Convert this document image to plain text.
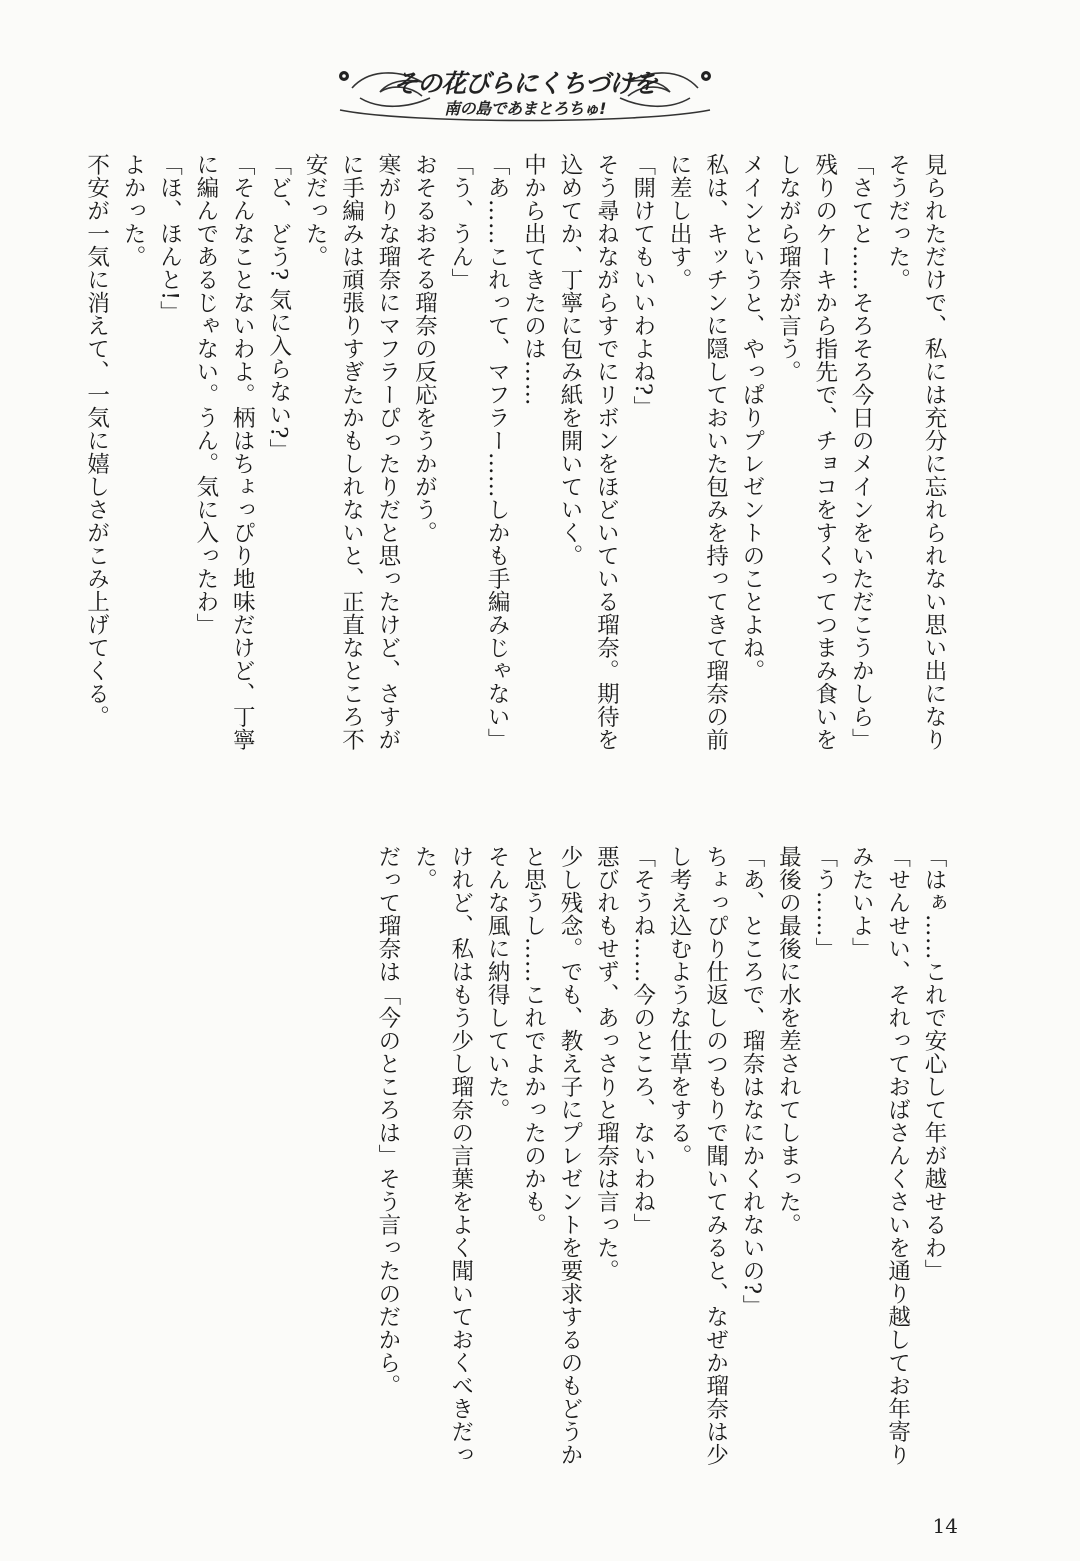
その花びらにくちづけを
南の島であまとろちゅ!

見られただけで、私には充分に忘れられない思い出になりそうだった。

「さてと……そろそろ今日のメインをいただこうかしら」

残りのケーキから指先で、チョコをすくってつまみ食いをしながら瑠奈が言う。

メインというと、やっぱりプレゼントのことよね。

私は、キッチンに隠しておいた包みを持ってきて瑠奈の前に差し出す。

「開けてもいいわよね?」

そう尋ねながらすでにリボンをほどいている瑠奈。期待を込めてか、丁寧に包み紙を開いていく。

中から出てきたのは……

「あ……これって、マフラー……しかも手編みじゃない」

「う、うん」

おそるおそる瑠奈の反応をうかがう。

寒がりな瑠奈にマフラーぴったりだと思ったけど、さすがに手編みは頑張りすぎたかもしれないと、正直なところ不安だった。

「ど、どう? 気に入らない?」

「そんなことないわよ。柄はちょっぴり地味だけど、丁寧に編んであるじゃない。うん。気に入ったわ」

「ほ、ほんと!」

よかった。

不安が一気に消えて、一気に嬉しさがこみ上げてくる。

「はぁ……これで安心して年が越せるわ」

「せんせい、それっておばさんくさいを通り越してお年寄りみたいよ」

「う……」

最後の最後に水を差されてしまった。

「あ、ところで、瑠奈はなにかくれないの?」

ちょっぴり仕返しのつもりで聞いてみると、なぜか瑠奈は少し考え込むような仕草をする。

「そうね……今のところ、ないわね」

悪びれもせず、あっさりと瑠奈は言った。

少し残念。でも、教え子にプレゼントを要求するのもどうかと思うし……これでよかったのかも。

そんな風に納得していた。

けれど、私はもう少し瑠奈の言葉をよく聞いておくべきだった。

だって瑠奈は「今のところは」そう言ったのだから。

14
